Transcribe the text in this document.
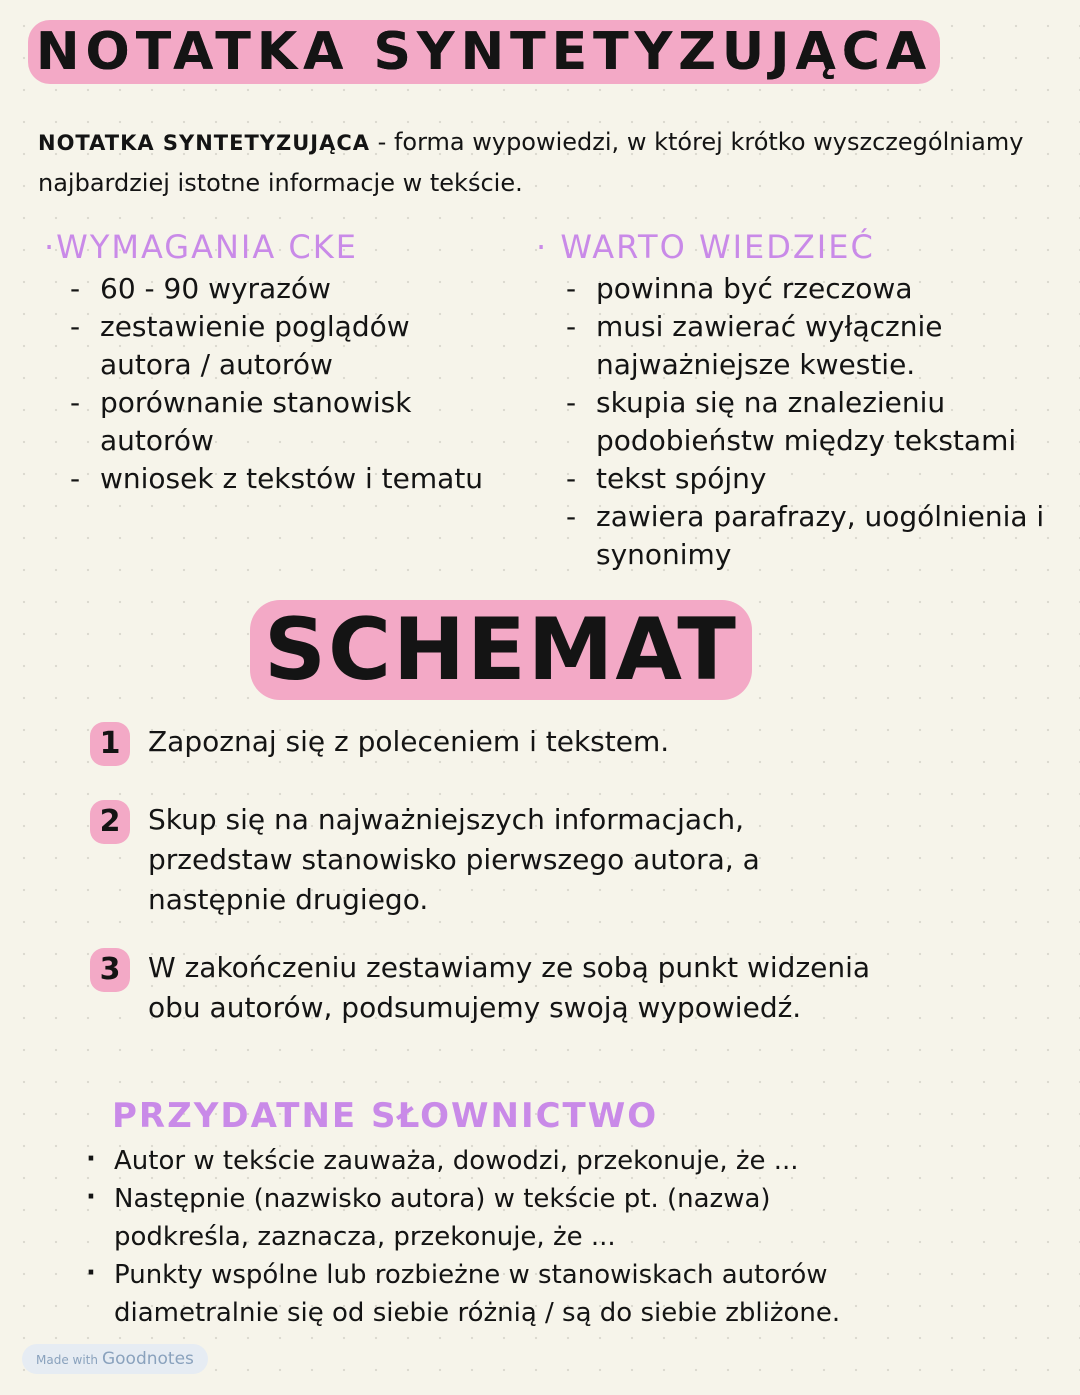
NOTATKA SYNTETYZUJĄCA
NOTATKA SYNTETYZUJĄCA - forma wypowiedzi, w której krótko wyszczególniamy najbardziej istotne informacje w tekście.
·WYMAGANIA CKE
- 60 - 90 wyrazów
- zestawienie poglądów autora / autorów
- porównanie stanowisk autorów
- wniosek z tekstów i tematu
· WARTO WIEDZIEĆ
- powinna być rzeczowa
- musi zawierać wyłącznie najważniejsze kwestie.
- skupia się na znalezieniu podobieństw między tekstami
- tekst spójny
- zawiera parafrazy, uogólnienia i synonimy
SCHEMAT
1 Zapoznaj się z poleceniem i tekstem.
2 Skup się na najważniejszych informacjach, przedstaw stanowisko pierwszego autora, a następnie drugiego.
3 W zakończeniu zestawiamy ze sobą punkt widzenia obu autorów, podsumujemy swoją wypowiedź.
PRZYDATNE SŁOWNICTWO
· Autor w tekście zauważa, dowodzi, przekonuje, że ...
· Następnie (nazwisko autora) w tekście pt. (nazwa) podkreśla, zaznacza, przekonuje, że ...
· Punkty wspólne lub rozbieżne w stanowiskach autorów diametralnie się od siebie różnią / są do siebie zbliżone.
Made with Goodnotes
